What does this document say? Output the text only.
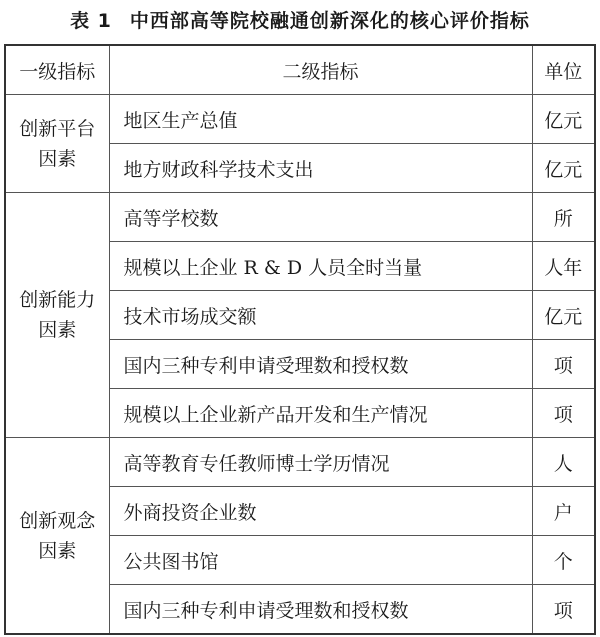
表 1 中西部高等院校融通创新深化的核心评价指标
一级指标	二级指标	单位

创新平台
因素	地区生产总值	亿元
	地方财政科学技术支出	亿元

创新能力
因素	高等学校数	所
	规模以上企业 R & D 人员全时当量	人年
	技术市场成交额	亿元
	国内三种专利申请受理数和授权数	项
	规模以上企业新产品开发和生产情况	项

创新观念
因素	高等教育专任教师博士学历情况	人
	外商投资企业数	户
	公共图书馆	个
	国内三种专利申请受理数和授权数	项
